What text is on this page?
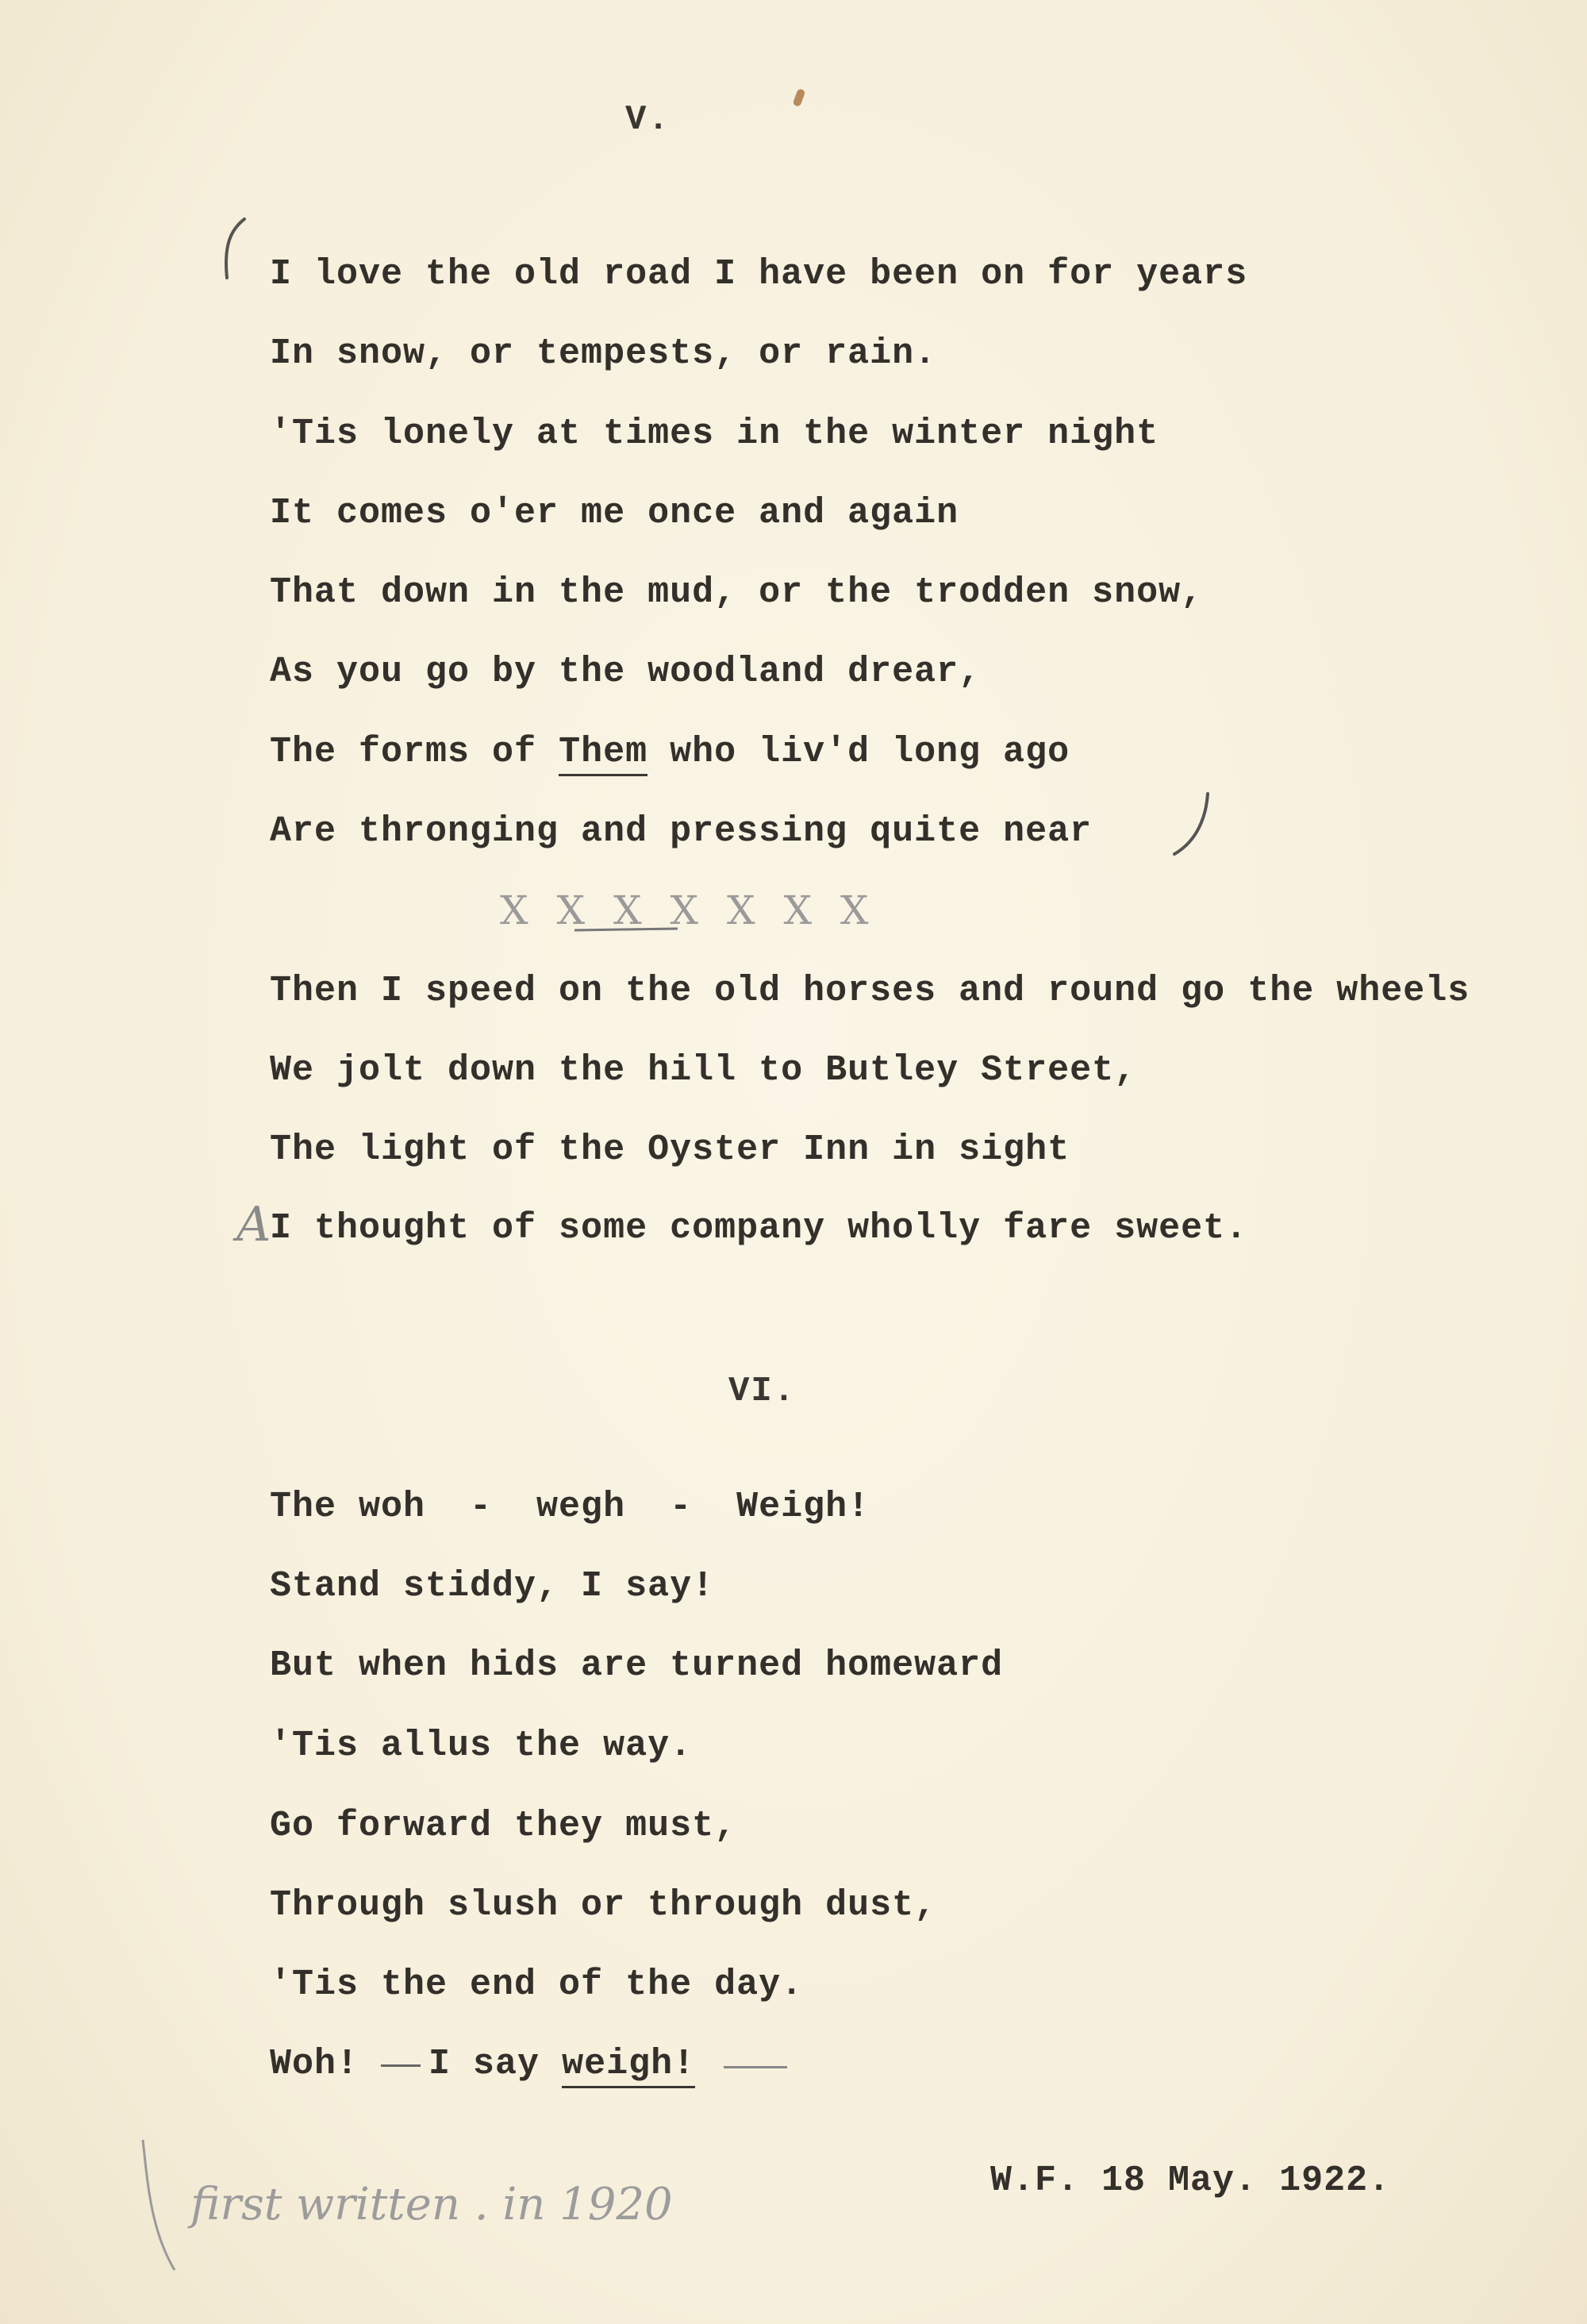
V.
I love the old road I have been on for years
In snow, or tempests, or rain.
'Tis lonely at times in the winter night
It comes o'er me once and again
That down in the mud, or the trodden snow,
As you go by the woodland drear,
The forms of Them who liv'd long ago
Are thronging and pressing quite near
X X X X X X X
Then I speed on the old horses and round go the wheels
We jolt down the hill to Butley Street,
The light of the Oyster Inn in sight
A
I thought of some company wholly fare sweet.
VI.
The woh  -  wegh  -  Weigh!
Stand stiddy, I say!
But when hids are turned homeward
'Tis allus the way.
Go forward they must,
Through slush or through dust,
'Tis the end of the day.
Woh! I say weigh!
first written . in 1920	W.F. 18 May. 1922.
